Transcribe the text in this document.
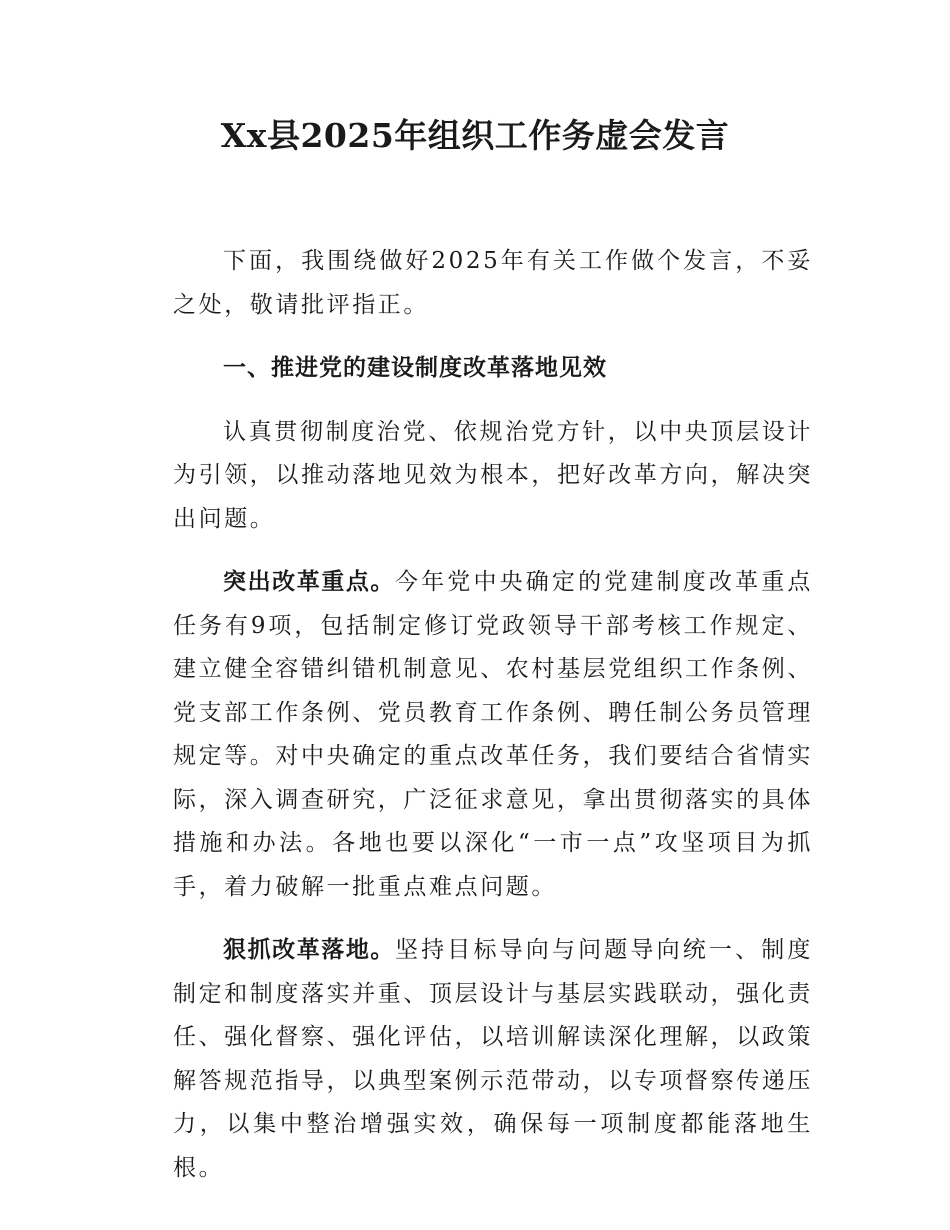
Xx县2025年组织工作务虚会发言

下面，我围绕做好2025年有关工作做个发言，不妥之处，敬请批评指正。

一、推进党的建设制度改革落地见效

认真贯彻制度治党、依规治党方针，以中央顶层设计为引领，以推动落地见效为根本，把好改革方向，解决突出问题。

突出改革重点。今年党中央确定的党建制度改革重点任务有9项，包括制定修订党政领导干部考核工作规定、建立健全容错纠错机制意见、农村基层党组织工作条例、党支部工作条例、党员教育工作条例、聘任制公务员管理规定等。对中央确定的重点改革任务，我们要结合省情实际，深入调查研究，广泛征求意见，拿出贯彻落实的具体措施和办法。各地也要以深化“一市一点”攻坚项目为抓手，着力破解一批重点难点问题。

狠抓改革落地。坚持目标导向与问题导向统一、制度制定和制度落实并重、顶层设计与基层实践联动，强化责任、强化督察、强化评估，以培训解读深化理解，以政策解答规范指导，以典型案例示范带动，以专项督察传递压力，以集中整治增强实效，确保每一项制度都能落地生根。
